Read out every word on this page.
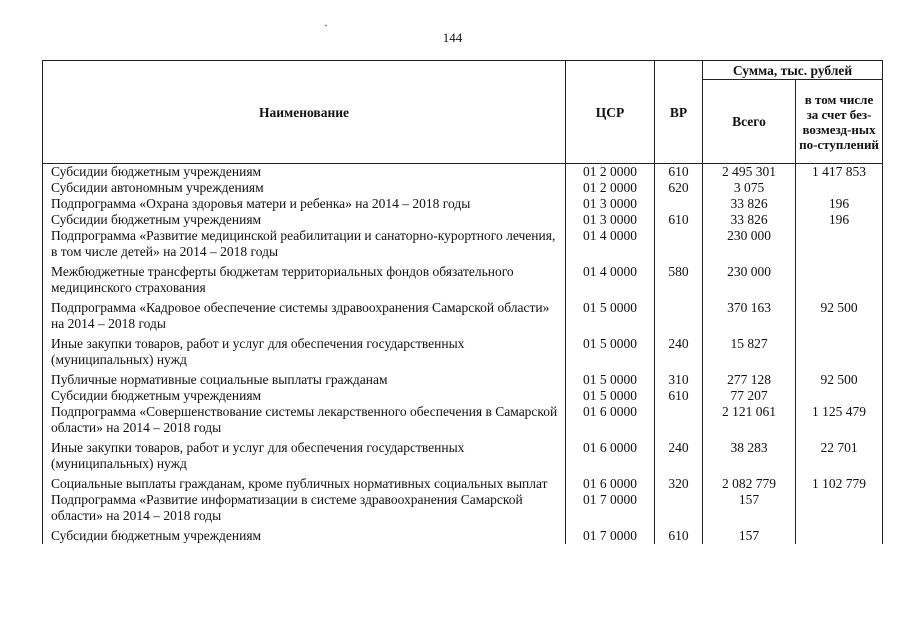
`
144
Наименование	ЦСР	ВР	Сумма, тыс. рублей	
			Всего	в том числе за счет без-возмезд-ных по-ступлений
Субсидии бюджетным учреждениям	01 2 0000	610	2 495 301	1 417 853
Субсидии автономным учреждениям	01 2 0000	620	3 075	
Подпрограмма «Охрана здоровья матери и ребенка» на 2014 – 2018 годы	01 3 0000		33 826	196
Субсидии бюджетным учреждениям	01 3 0000	610	33 826	196
Подпрограмма «Развитие медицинской реабилитации и санаторно-курортного лечения, в том числе детей» на 2014 – 2018 годы	01 4 0000		230 000	
Межбюджетные трансферты бюджетам территориальных фондов обязательного медицинского страхования	01 4 0000	580	230 000	
Подпрограмма «Кадровое обеспечение системы здравоохранения Самарской области» на 2014 – 2018 годы	01 5 0000		370 163	92 500
Иные закупки товаров, работ и услуг для обеспечения государственных (муниципальных) нужд	01 5 0000	240	15 827	
Публичные нормативные социальные выплаты гражданам	01 5 0000	310	277 128	92 500
Субсидии бюджетным учреждениям	01 5 0000	610	77 207	
Подпрограмма «Совершенствование системы лекарственного обеспечения в Самарской области» на 2014 – 2018 годы	01 6 0000		2 121 061	1 125 479
Иные закупки товаров, работ и услуг для обеспечения государственных (муниципальных) нужд	01 6 0000	240	38 283	22 701
Социальные выплаты гражданам, кроме публичных нормативных социальных выплат	01 6 0000	320	2 082 779	1 102 779
Подпрограмма «Развитие информатизации в системе здравоохранения Самарской области» на 2014 – 2018 годы	01 7 0000		157	
Субсидии бюджетным учреждениям	01 7 0000	610	157	
